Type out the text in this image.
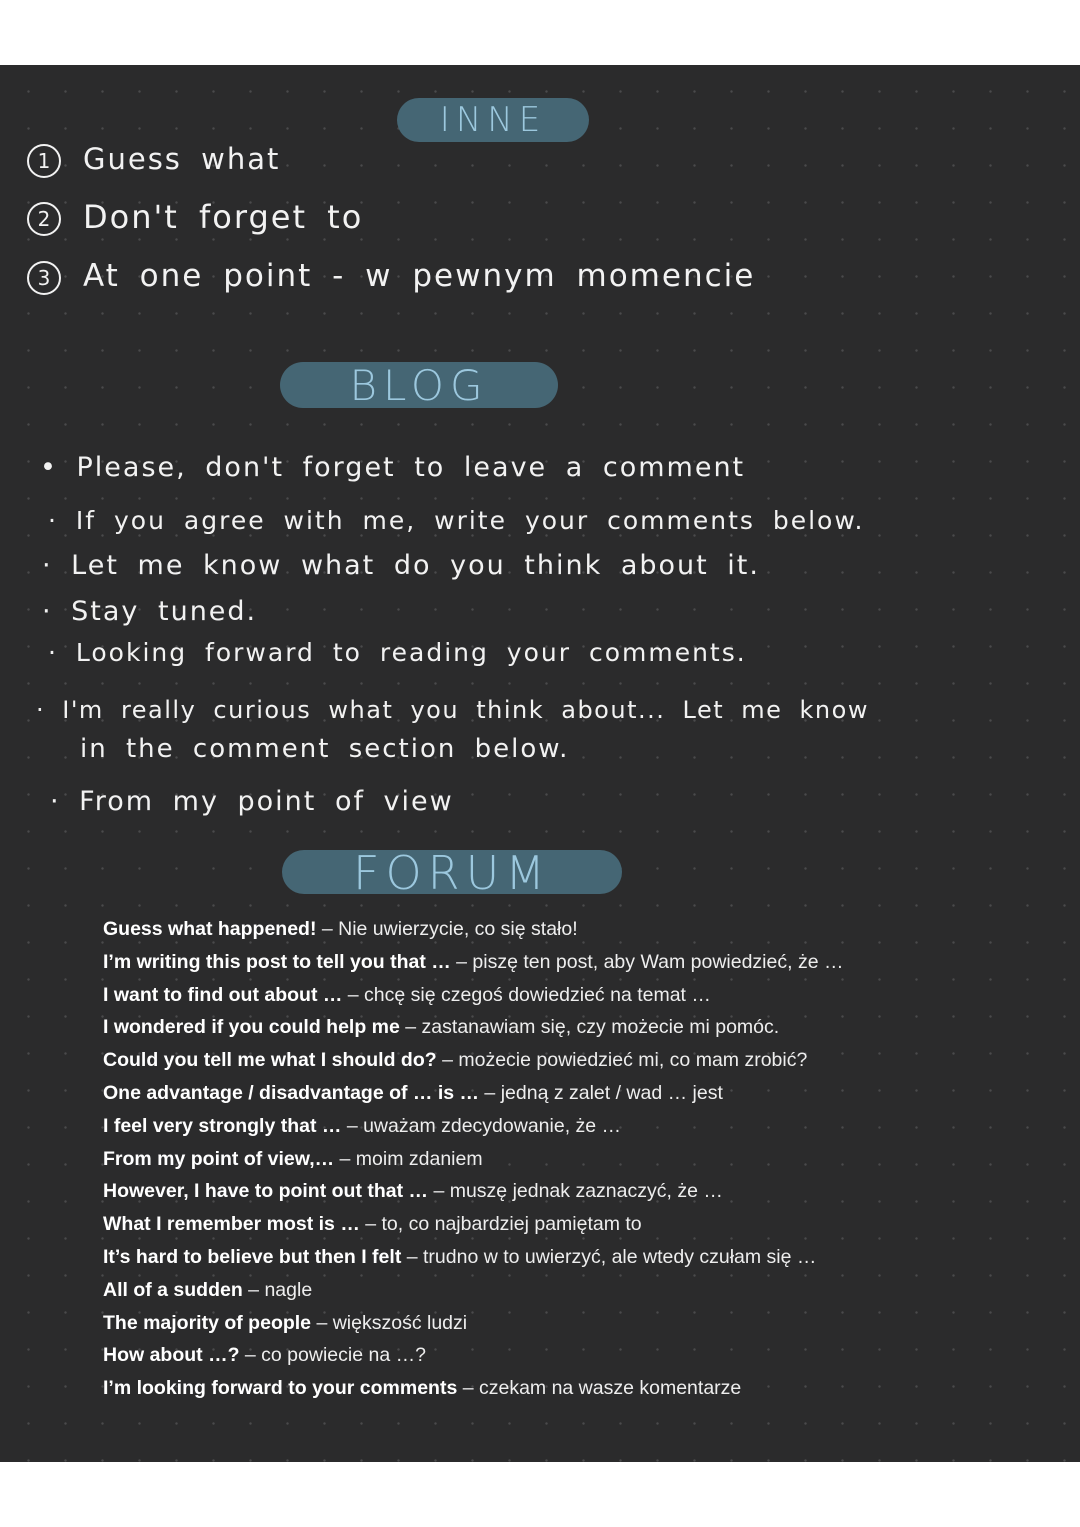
INNE
1 Guess what
2 Don't forget to
3 At one point - w pewnym momencie
BLOG
• Please, don't forget to leave a comment
· If you agree with me, write your comments below.
· Let me know what do you think about it.
· Stay tuned.
· Looking forward to reading your comments.
· I'm really curious what you think about... Let me know
in the comment section below.
· From my point of view
FORUM
Guess what happened! – Nie uwierzycie, co się stało!
I’m writing this post to tell you that … – piszę ten post, aby Wam powiedzieć, że …
I want to find out about … – chcę się czegoś dowiedzieć na temat …
I wondered if you could help me – zastanawiam się, czy możecie mi pomóc.
Could you tell me what I should do? – możecie powiedzieć mi, co mam zrobić?
One advantage / disadvantage of … is … – jedną z zalet / wad … jest
I feel very strongly that … – uważam zdecydowanie, że …
From my point of view,… – moim zdaniem
However, I have to point out that … – muszę jednak zaznaczyć, że …
What I remember most is … – to, co najbardziej pamiętam to
It’s hard to believe but then I felt – trudno w to uwierzyć, ale wtedy czułam się …
All of a sudden – nagle
The majority of people – większość ludzi
How about …? – co powiecie na …?
I’m looking forward to your comments – czekam na wasze komentarze
